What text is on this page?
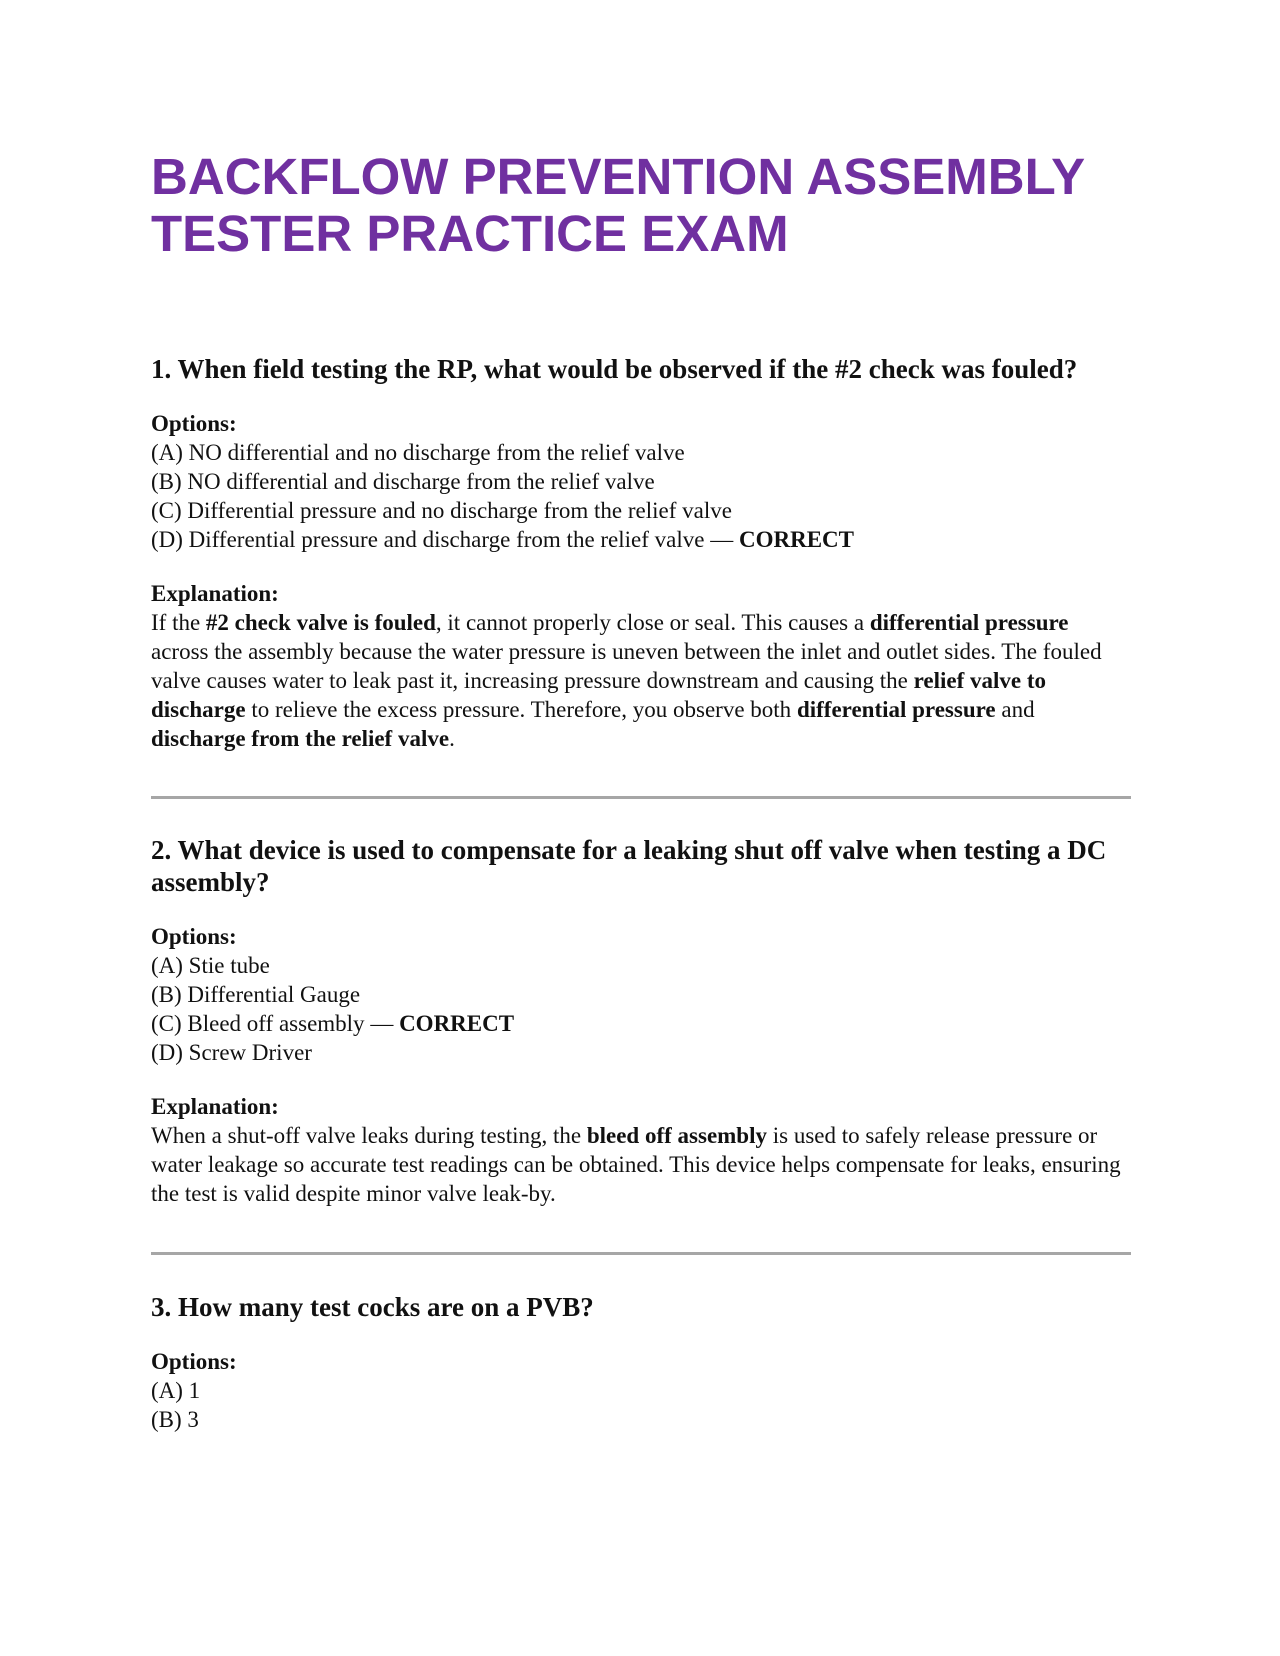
BACKFLOW PREVENTION ASSEMBLY
TESTER PRACTICE EXAM
1. When field testing the RP, what would be observed if the #2 check was fouled?

Options:

(A) NO differential and no discharge from the relief valve
(B) NO differential and discharge from the relief valve
(C) Differential pressure and no discharge from the relief valve
(D) Differential pressure and discharge from the relief valve — CORRECT

Explanation:

If the #2 check valve is fouled, it cannot properly close or seal. This causes a differential pressure across the assembly because the water pressure is uneven between the inlet and outlet sides. The fouled valve causes water to leak past it, increasing pressure downstream and causing the relief valve to discharge to relieve the excess pressure. Therefore, you observe both differential pressure and discharge from the relief valve.

2. What device is used to compensate for a leaking shut off valve when testing a DC assembly?

Options:

(A) Stie tube
(B) Differential Gauge
(C) Bleed off assembly — CORRECT
(D) Screw Driver

Explanation:

When a shut-off valve leaks during testing, the bleed off assembly is used to safely release pressure or water leakage so accurate test readings can be obtained. This device helps compensate for leaks, ensuring the test is valid despite minor valve leak-by.

3. How many test cocks are on a PVB?

Options:

(A) 1
(B) 3
